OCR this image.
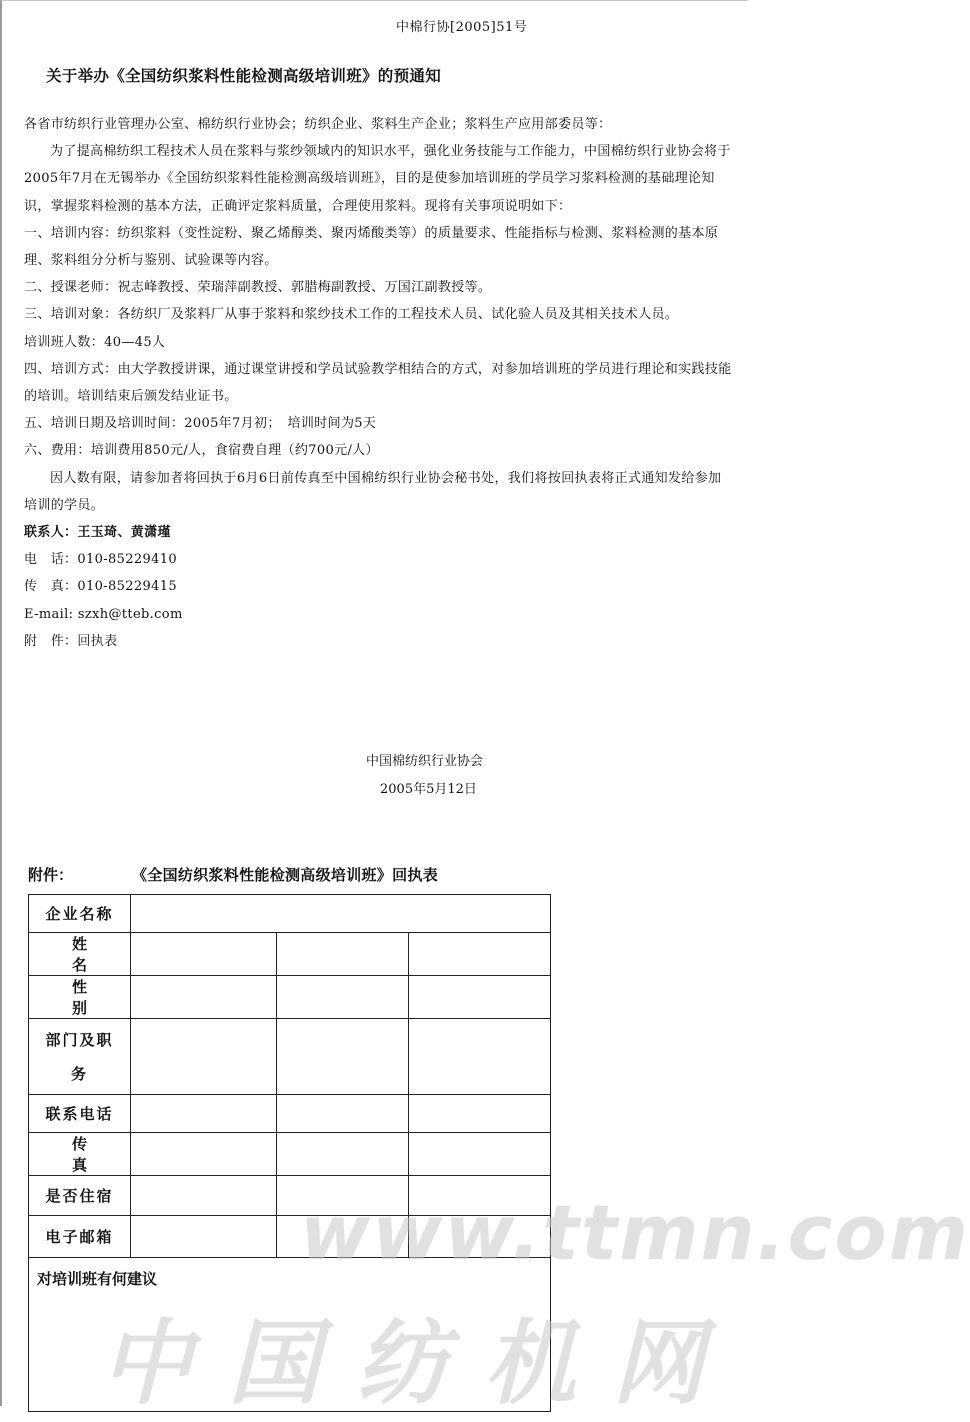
中棉行协[2005]51号
关于举办《全国纺织浆料性能检测高级培训班》的预通知

各省市纺织行业管理办公室、棉纺织行业协会；纺织企业、浆料生产企业；浆料生产应用部委员等：

为了提高棉纺织工程技术人员在浆料与浆纱领域内的知识水平，强化业务技能与工作能力，中国棉纺织行业协会将于2005年7月在无锡举办《全国纺织浆料性能检测高级培训班》，目的是使参加培训班的学员学习浆料检测的基础理论知识，掌握浆料检测的基本方法，正确评定浆料质量，合理使用浆料。现将有关事项说明如下：

一、培训内容：纺织浆料（变性淀粉、聚乙烯醇类、聚丙烯酸类等）的质量要求、性能指标与检测、浆料检测的基本原理、浆料组分分析与鉴别、试验课等内容。

二、授课老师：祝志峰教授、荣瑞萍副教授、郭腊梅副教授、万国江副教授等。

三、培训对象：各纺织厂及浆料厂从事于浆料和浆纱技术工作的工程技术人员、试化验人员及其相关技术人员。

培训班人数：40—45人

四、培训方式：由大学教授讲课，通过课堂讲授和学员试验教学相结合的方式，对参加培训班的学员进行理论和实践技能的培训。培训结束后颁发结业证书。

五、培训日期及培训时间：2005年7月初；　培训时间为5天

六、费用：培训费用850元/人，食宿费自理（约700元/人）

因人数有限，请参加者将回执于6月6日前传真至中国棉纺织行业协会秘书处，我们将按回执表将正式通知发给参加培训的学员。

联系人：王玉琦、黄潇瑾

电　话：010-85229410

传　真：010-85229415

E-mail: szxh@tteb.com

附　件：回执表

中国棉纺织行业协会
2005年5月12日
附件：	《全国纺织浆料性能检测高级培训班》回执表
企业名称			
姓　名			
性　别			

部门及职
务			

联系电话			
传　真			
是否住宿			
电子邮箱			
对培训班有何建议			
www.ttmn.com
中国纺机网
